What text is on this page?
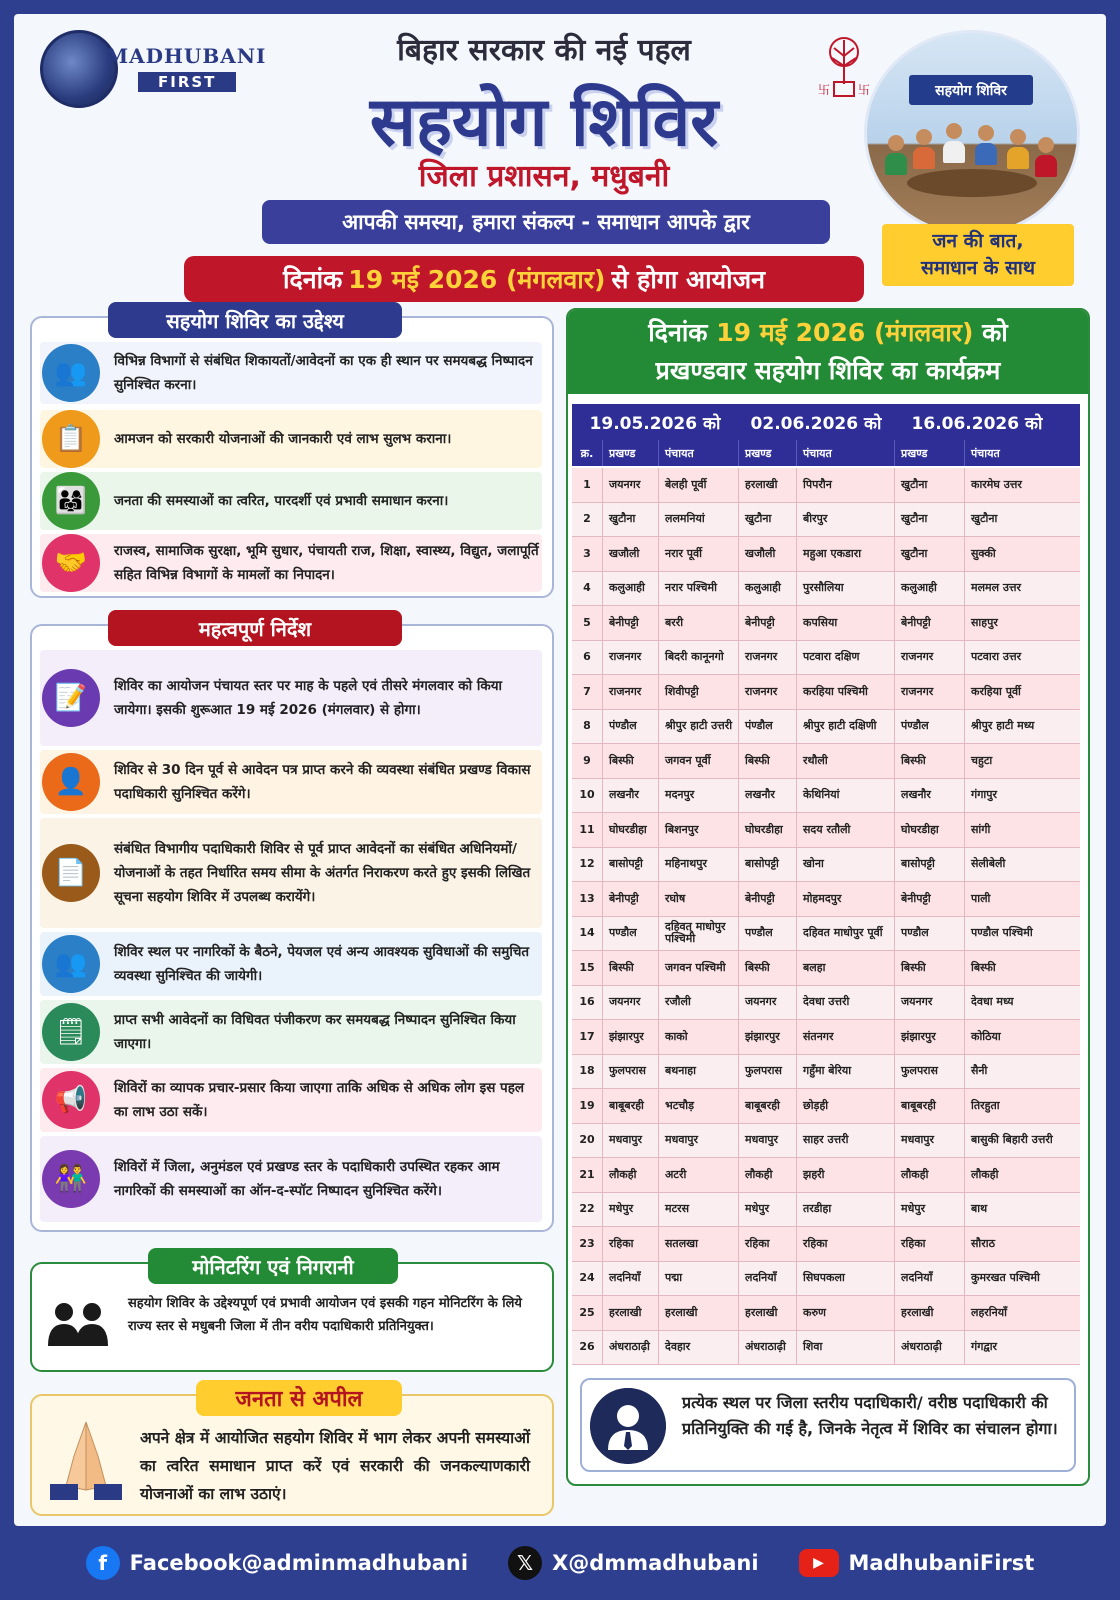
MADHUBANI
FIRST
बिहार सरकार की नई पहल
सहयोग शिविर
जिला प्रशासन, मधुबनी
卐 卐
आपकी समस्या, हमारा संकल्प - समाधान आपके द्वार
दिनांक 19 मई 2026 (मंगलवार) से होगा आयोजन
सहयोग शिविर
जन की बात,
समाधान के साथ
सहयोग शिविर का उद्देश्य
👥	विभिन्न विभागों से संबंधित शिकायतों/आवेदनों का एक ही स्थान पर समयबद्ध निष्पादन सुनिश्चित करना।
📋	आमजन को सरकारी योजनाओं की जानकारी एवं लाभ सुलभ कराना।
👨‍👩‍👧	जनता की समस्याओं का त्वरित, पारदर्शी एवं प्रभावी समाधान करना।
🤝	राजस्व, सामाजिक सुरक्षा, भूमि सुधार, पंचायती राज, शिक्षा, स्वास्थ्य, विद्युत, जलापूर्ति सहित विभिन्न विभागों के मामलों का निपादन।
महत्वपूर्ण निर्देश
📝	शिविर का आयोजन पंचायत स्तर पर माह के पहले एवं तीसरे मंगलवार को किया जायेगा। इसकी शुरूआत 19 मई 2026 (मंगलवार) से होगा।
👤	शिविर से 30 दिन पूर्व से आवेदन पत्र प्राप्त करने की व्यवस्था संबंधित प्रखण्ड विकास पदाधिकारी सुनिश्चित करेंगे।
📄
संबंधित विभागीय पदाधिकारी शिविर से पूर्व प्राप्त आवेदनों का संबंधित अधिनियमों/योजनाओं के तहत निर्धारित समय सीमा के अंतर्गत निराकरण करते हुए इसकी लिखित सूचना सहयोग शिविर में उपलब्ध करायेंगे।
👥	शिविर स्थल पर नागरिकों के बैठने, पेयजल एवं अन्य आवश्यक सुविधाओं की समुचित व्यवस्था सुनिश्चित की जायेगी।
🗒	प्राप्त सभी आवेदनों का विधिवत पंजीकरण कर समयबद्ध निष्पादन सुनिश्चित किया जाएगा।
📢	शिविरों का व्यापक प्रचार-प्रसार किया जाएगा ताकि अधिक से अधिक लोग इस पहल का लाभ उठा सकें।
👫	शिविरों में जिला, अनुमंडल एवं प्रखण्ड स्तर के पदाधिकारी उपस्थित रहकर आम नागरिकों की समस्याओं का ऑन-द-स्पॉट निष्पादन सुनिश्चित करेंगे।
मोनिटरिंग एवं निगरानी
सहयोग शिविर के उद्देश्यपूर्ण एवं प्रभावी आयोजन एवं इसकी गहन मोनिटरिंग के लिये राज्य स्तर से मधुबनी जिला में तीन वरीय पदाधिकारी प्रतिनियुक्त।
जनता से अपील
अपने क्षेत्र में आयोजित सहयोग शिविर में भाग लेकर अपनी समस्याओं का त्वरित समाधान प्राप्त करें एवं सरकारी की जनकल्याणकारी योजनाओं का लाभ उठाएं।
दिनांक 19 मई 2026 (मंगलवार) को
प्रखण्डवार सहयोग शिविर का कार्यक्रम
19.05.2026 को	02.06.2026 को	16.06.2026 को
क्र.	प्रखण्ड	पंचायत	प्रखण्ड	पंचायत	प्रखण्ड	पंचायत
1	जयनगर	बेलही पूर्वी	हरलाखी	पिपरौन	खुटौना	कारमेघ उत्तर
2	खुटौना	ललमनियां	खुटौना	बीरपुर	खुटौना	खुटौना
3	खजौली	नरार पूर्वी	खजौली	महुआ एकडारा	खुटौना	सुक्की
4	कलुआही	नरार पश्चिमी	कलुआही	पुरसौलिया	कलुआही	मलमल उत्तर
5	बेनीपट्टी	बररी	बेनीपट्टी	कपसिया	बेनीपट्टी	साहपुर
6	राजनगर	बिदरी कानूनगो	राजनगर	पटवारा दक्षिण	राजनगर	पटवारा उत्तर
7	राजनगर	शिवीपट्टी	राजनगर	करहिया पश्चिमी	राजनगर	करहिया पूर्वी
8	पंण्डौल	श्रीपुर हाटी उत्तरी	पंण्डौल	श्रीपुर हाटी दक्षिणी	पंण्डौल	श्रीपुर हाटी मध्य
9	बिस्फी	जगवन पूर्वी	बिस्फी	रथौली	बिस्फी	चहुटा
10	लखनौर	मदनपुर	लखनौर	केथिनियां	लखनौर	गंगापुर
11	घोघरडीहा	बिशनपुर	घोघरडीहा	सदय रतौली	घोघरडीहा	सांगी
12	बासोपट्टी	महिनाथपुर	बासोपट्टी	खोना	बासोपट्टी	सेलीबेली
13	बेनीपट्टी	रघोष	बेनीपट्टी	मोहमदपुर	बेनीपट्टी	पाली
14	पण्डौल	दहिवत् माधोपुर पश्चिमी	पण्डौल	दहिवत माधोपुर पूर्वी	पण्डौल	पण्डौल पश्चिमी
15	बिस्फी	जगवन पश्चिमी	बिस्फी	बलहा	बिस्फी	बिस्फी
16	जयनगर	रजौली	जयनगर	देवधा उत्तरी	जयनगर	देवधा मध्य
17	झंझारपुर	काको	झंझारपुर	संतनगर	झंझारपुर	कोठिया
18	फुलपरास	बथनाहा	फुलपरास	गहुँमा बेरिया	फुलपरास	सैनी
19	बाबूबरही	भटचौड़	बाबूबरही	छोड़ही	बाबूबरही	तिरहुता
20	मधवापुर	मधवापुर	मधवापुर	साहर उत्तरी	मधवापुर	बासुकी बिहारी उत्तरी
21	लौकही	अटरी	लौकही	झहरी	लौकही	लौकही
22	मधेपुर	मटरस	मधेपुर	तरडीहा	मधेपुर	बाथ
23	रहिका	सतलखा	रहिका	रहिका	रहिका	सौराठ
24	लदनियाँ	पद्मा	लदनियाँ	सिघपकला	लदनियाँ	कुमरखत पश्चिमी
25	हरलाखी	हरलाखी	हरलाखी	करुण	हरलाखी	लहरनियाँ
26	अंधराठाढ़ी	देवहार	अंधराठाढ़ी	शिवा	अंधराठाढ़ी	गंगद्वार
प्रत्येक स्थल पर जिला स्तरीय पदाधिकारी/ वरीष्ठ पदाधिकारी की प्रतिनियुक्ति की गई है, जिनके नेतृत्व में शिविर का संचालन होगा।
f	Facebook@adminmadhubani	𝕏 X@dmmadhubani	▶	MadhubaniFirst
